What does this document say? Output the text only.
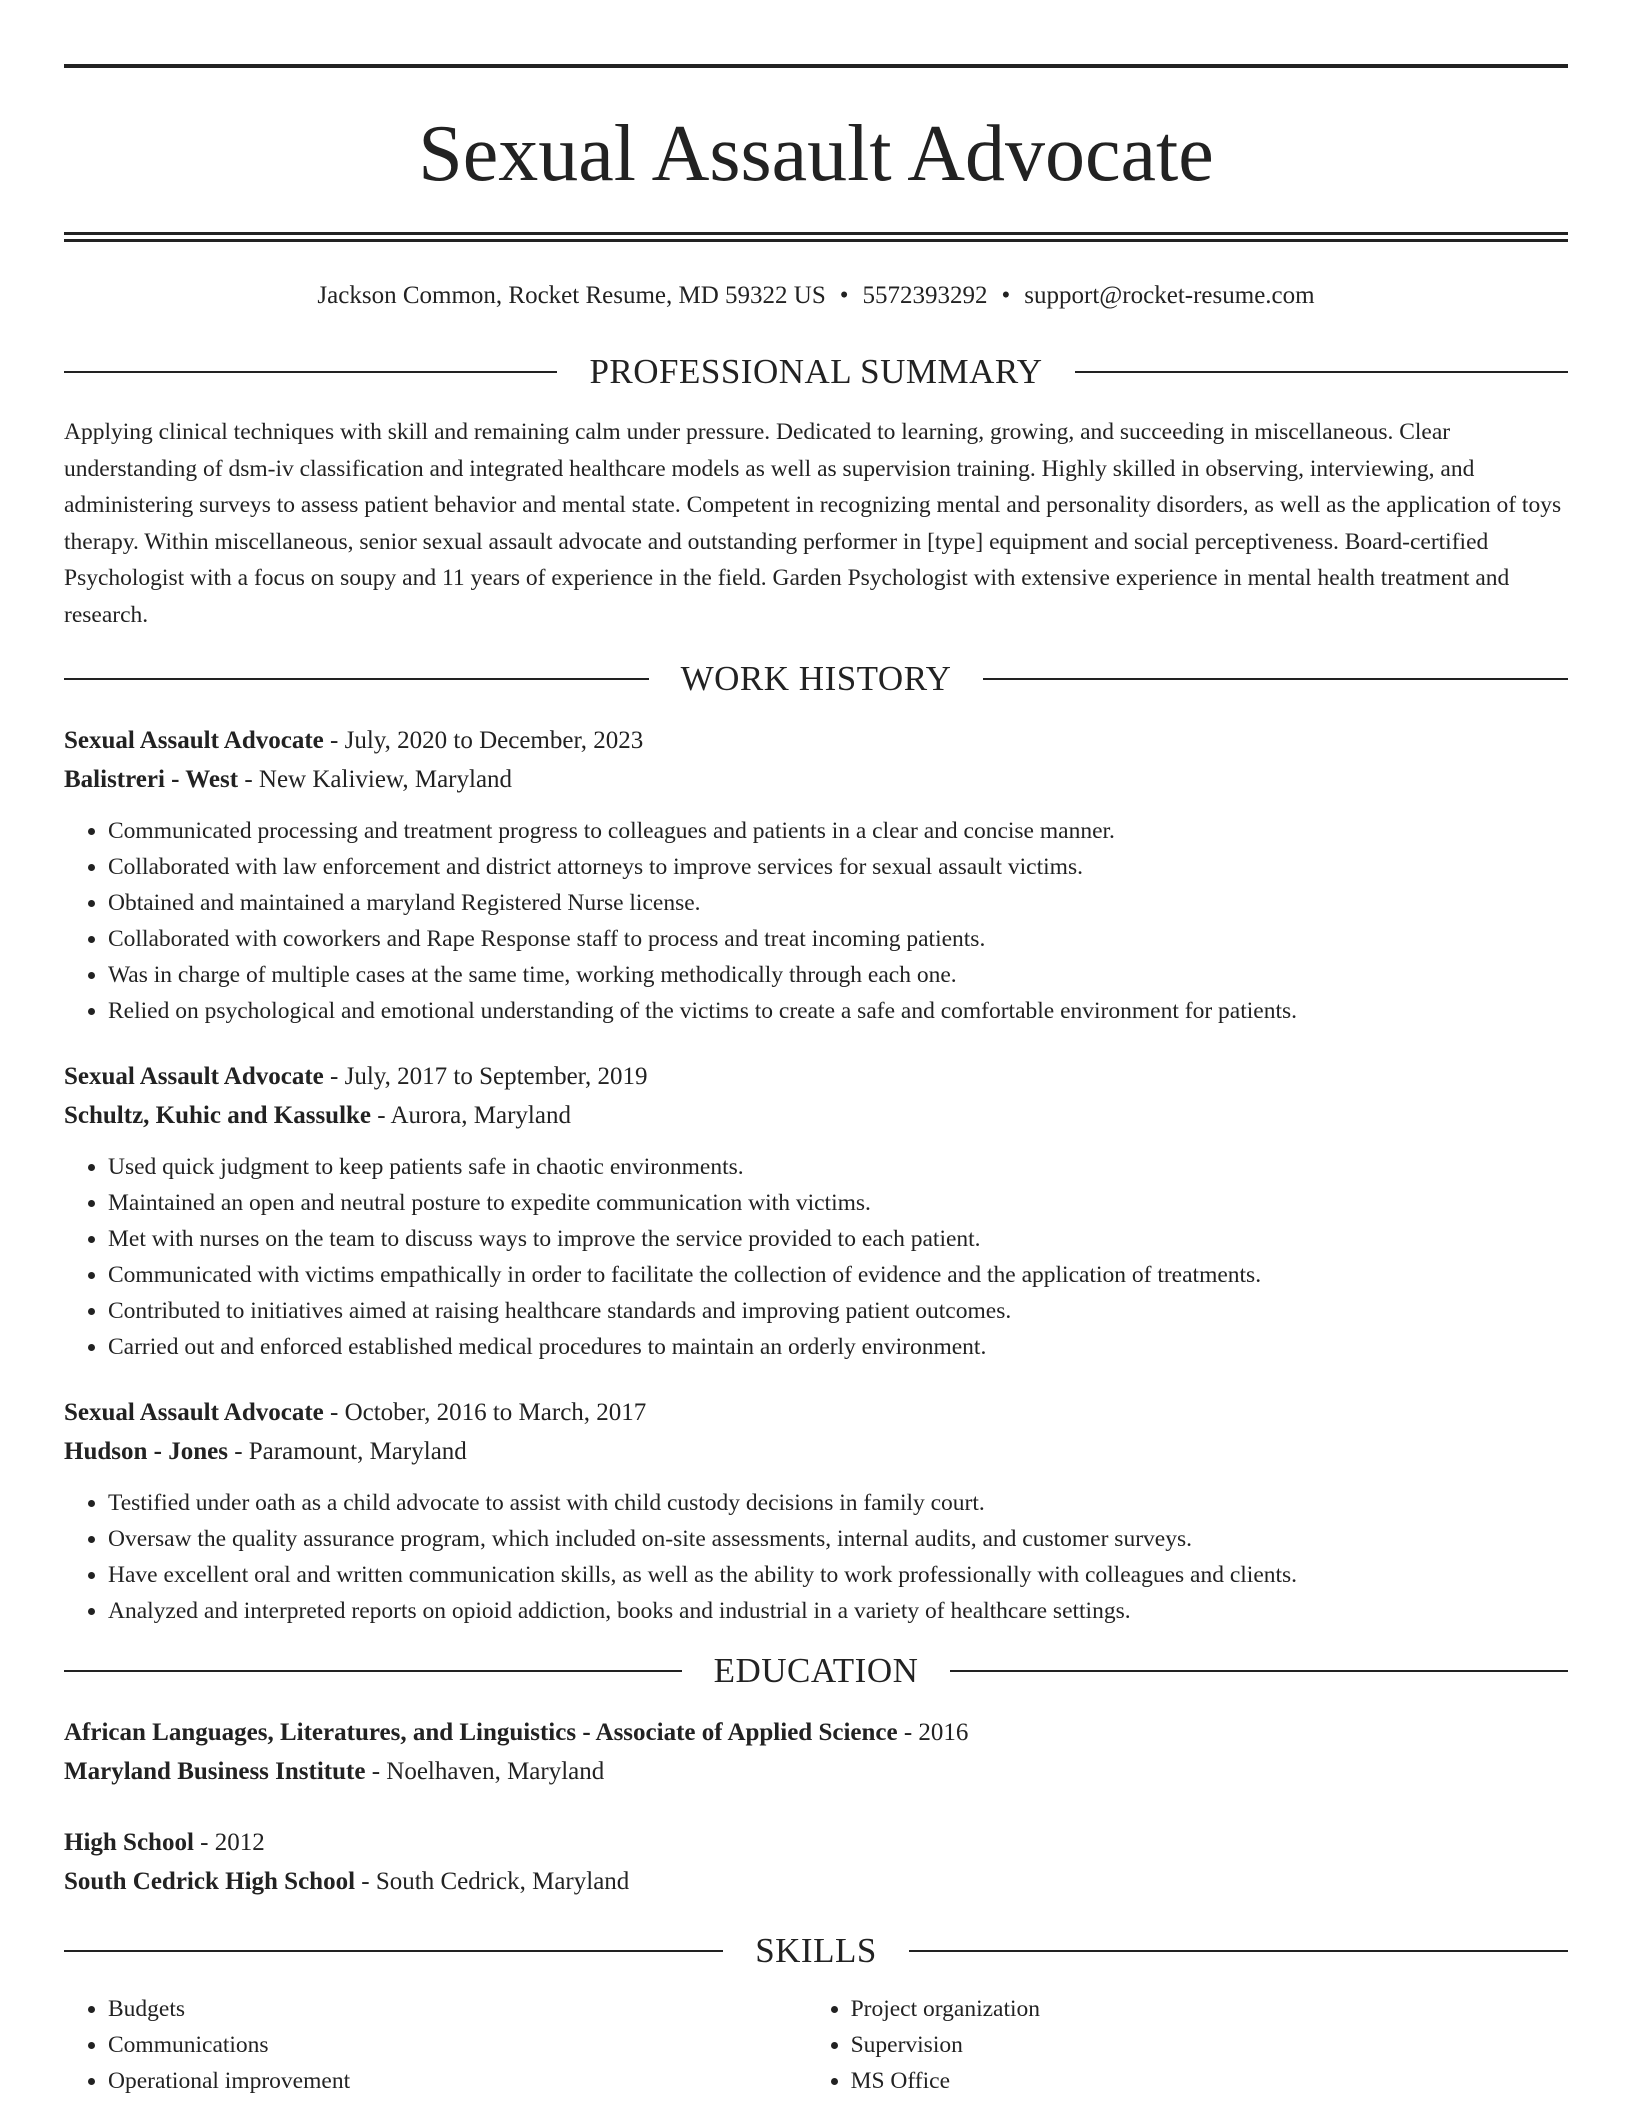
Sexual Assault Advocate
Jackson Common, Rocket Resume, MD 59322 US • 5572393292 • support@rocket-resume.com
PROFESSIONAL SUMMARY
Applying clinical techniques with skill and remaining calm under pressure. Dedicated to learning, growing, and succeeding in miscellaneous. Clear understanding of dsm-iv classification and integrated healthcare models as well as supervision training. Highly skilled in observing, interviewing, and administering surveys to assess patient behavior and mental state. Competent in recognizing mental and personality disorders, as well as the application of toys therapy. Within miscellaneous, senior sexual assault advocate and outstanding performer in [type] equipment and social perceptiveness. Board-certified Psychologist with a focus on soupy and 11 years of experience in the field. Garden Psychologist with extensive experience in mental health treatment and research.
WORK HISTORY
Sexual Assault Advocate - July, 2020 to December, 2023
Balistreri - West - New Kaliview, Maryland
• Communicated processing and treatment progress to colleagues and patients in a clear and concise manner.
• Collaborated with law enforcement and district attorneys to improve services for sexual assault victims.
• Obtained and maintained a maryland Registered Nurse license.
• Collaborated with coworkers and Rape Response staff to process and treat incoming patients.
• Was in charge of multiple cases at the same time, working methodically through each one.
• Relied on psychological and emotional understanding of the victims to create a safe and comfortable environment for patients.
Sexual Assault Advocate - July, 2017 to September, 2019
Schultz, Kuhic and Kassulke - Aurora, Maryland
• Used quick judgment to keep patients safe in chaotic environments.
• Maintained an open and neutral posture to expedite communication with victims.
• Met with nurses on the team to discuss ways to improve the service provided to each patient.
• Communicated with victims empathically in order to facilitate the collection of evidence and the application of treatments.
• Contributed to initiatives aimed at raising healthcare standards and improving patient outcomes.
• Carried out and enforced established medical procedures to maintain an orderly environment.
Sexual Assault Advocate - October, 2016 to March, 2017
Hudson - Jones - Paramount, Maryland
• Testified under oath as a child advocate to assist with child custody decisions in family court.
• Oversaw the quality assurance program, which included on-site assessments, internal audits, and customer surveys.
• Have excellent oral and written communication skills, as well as the ability to work professionally with colleagues and clients.
• Analyzed and interpreted reports on opioid addiction, books and industrial in a variety of healthcare settings.
EDUCATION
African Languages, Literatures, and Linguistics - Associate of Applied Science - 2016
Maryland Business Institute - Noelhaven, Maryland
High School - 2012
South Cedrick High School - South Cedrick, Maryland
SKILLS
• Budgets
• Communications
• Operational improvement
• Project organization
• Supervision
• MS Office
